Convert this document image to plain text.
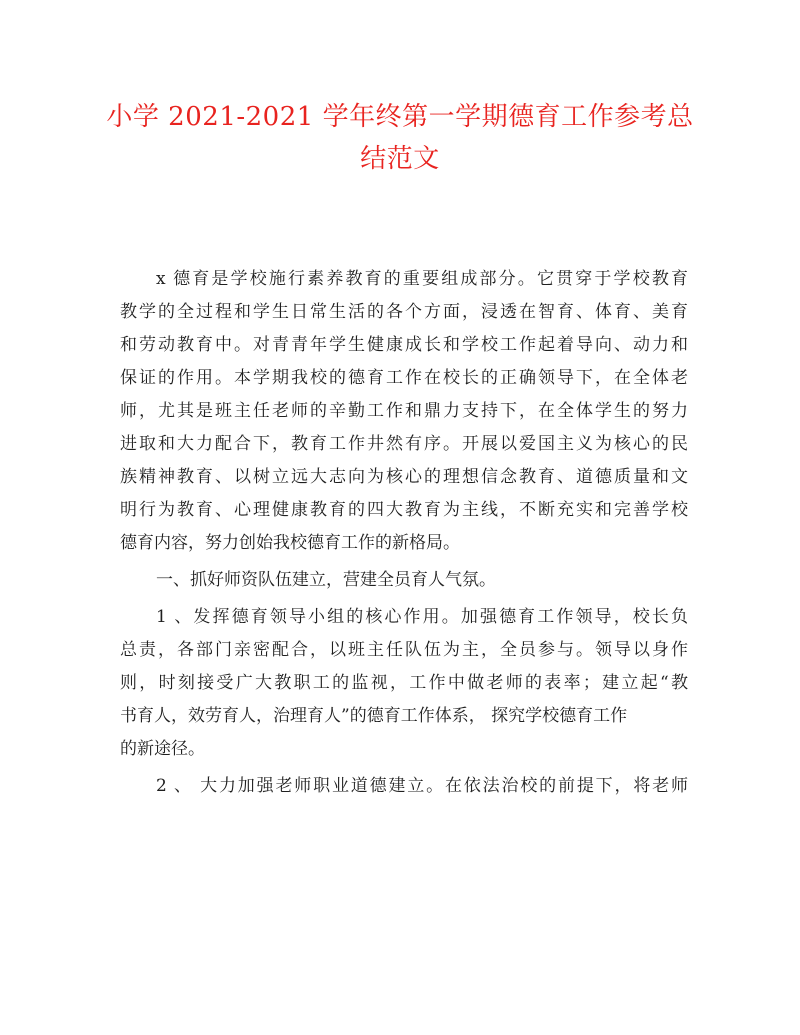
小学 2021-2021 学年终第一学期德育工作参考总
结范文
x 德育是学校施行素养教育的重要组成部分。它贯穿于学校教育
教学的全过程和学生日常生活的各个方面，浸透在智育、体育、美育
和劳动教育中。对青青年学生健康成长和学校工作起着导向、动力和
保证的作用。本学期我校的德育工作在校长的正确领导下，在全体老
师，尤其是班主任老师的辛勤工作和鼎力支持下，在全体学生的努力
进取和大力配合下，教育工作井然有序。开展以爱国主义为核心的民
族精神教育、以树立远大志向为核心的理想信念教育、道德质量和文
明行为教育、心理健康教育的四大教育为主线，不断充实和完善学校
德育内容，努力创始我校德育工作的新格局。
一、抓好师资队伍建立，营建全员育人气氛。
1 、发挥德育领导小组的核心作用。加强德育工作领导，校长负
总责，各部门亲密配合，以班主任队伍为主，全员参与。领导以身作
则，时刻接受广大教职工的监视，工作中做老师的表率；建立起“教
书育人，效劳育人，治理育人”的德育工作体系， 探究学校德育工作
的新途径。
2 、 大力加强老师职业道德建立。在依法治校的前提下，将老师
